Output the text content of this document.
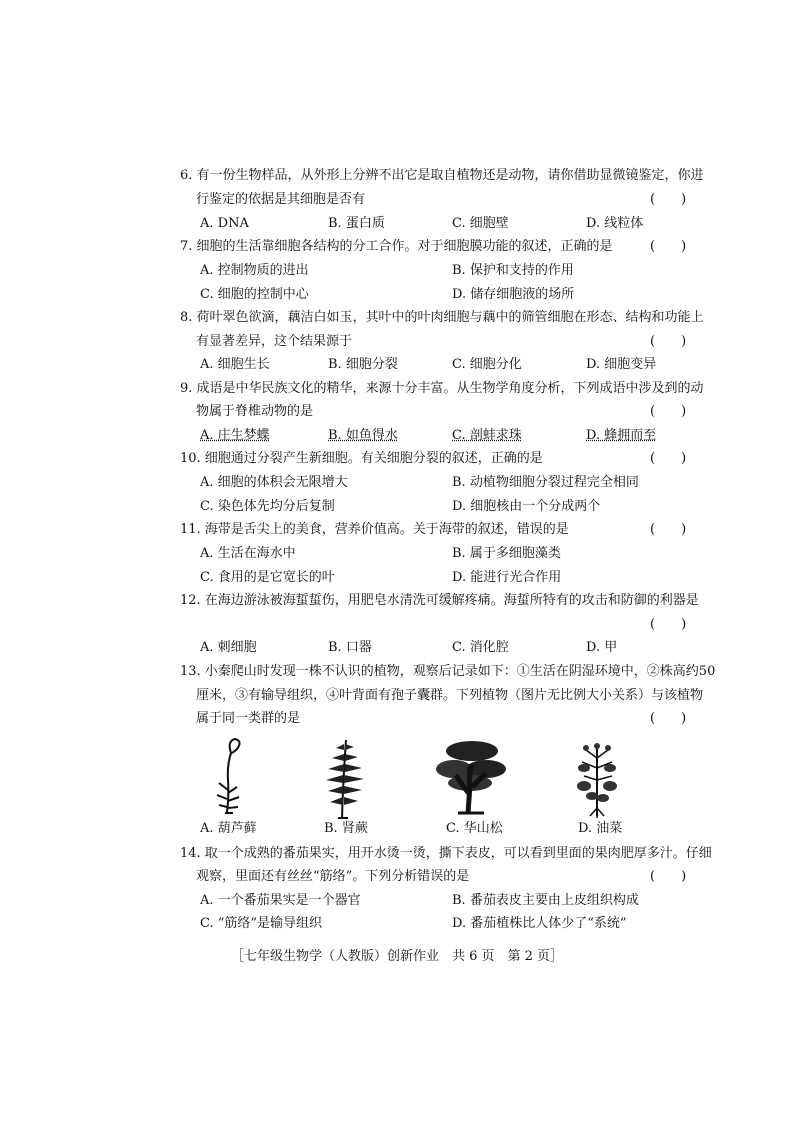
6. 有一份生物样品，从外形上分辨不出它是取自植物还是动物，请你借助显微镜鉴定，你进
行鉴定的依据是其细胞是否有	(　　)
A. DNA	B. 蛋白质	C. 细胞壁	D. 线粒体
7. 细胞的生活靠细胞各结构的分工合作。对于细胞膜功能的叙述，正确的是	(　　)
A. 控制物质的进出	B. 保护和支持的作用
C. 细胞的控制中心	D. 储存细胞液的场所
8. 荷叶翠色欲滴，藕洁白如玉，其叶中的叶肉细胞与藕中的筛管细胞在形态、结构和功能上
有显著差异，这个结果源于	(　　)
A. 细胞生长	B. 细胞分裂	C. 细胞分化	D. 细胞变异
9. 成语是中华民族文化的精华，来源十分丰富。从生物学角度分析，下列成语中涉及到的动
物属于脊椎动物的是	(　　)
A. 庄生梦蝶	B. 如鱼得水	C. 剖蚌求珠	D. 蜂拥而至
10. 细胞通过分裂产生新细胞。有关细胞分裂的叙述，正确的是	(　　)
A. 细胞的体积会无限增大	B. 动植物细胞分裂过程完全相同
C. 染色体先均分后复制	D. 细胞核由一个分成两个
11. 海带是舌尖上的美食，营养价值高。关于海带的叙述，错误的是	(　　)
A. 生活在海水中	B. 属于多细胞藻类
C. 食用的是它宽长的叶	D. 能进行光合作用
12. 在海边游泳被海蜇蜇伤，用肥皂水清洗可缓解疼痛。海蜇所特有的攻击和防御的利器是
(　　)
A. 刺细胞	B. 口器	C. 消化腔	D. 甲
13. 小秦爬山时发现一株不认识的植物，观察后记录如下：①生活在阴湿环境中，②株高约50
厘米，③有输导组织，④叶背面有孢子囊群。下列植物（图片无比例大小关系）与该植物
属于同一类群的是	(　　)
A. 葫芦藓	B. 肾蕨	C. 华山松	D. 油菜
14. 取一个成熟的番茄果实，用开水烫一烫，撕下表皮，可以看到里面的果肉肥厚多汁。仔细
观察，里面还有丝丝“筋络”。下列分析错误的是	(　　)
A. 一个番茄果实是一个器官	B. 番茄表皮主要由上皮组织构成
C. “筋络”是输导组织	D. 番茄植株比人体少了“系统”
［七年级生物学（人教版）创新作业　共 6 页　第 2 页］
